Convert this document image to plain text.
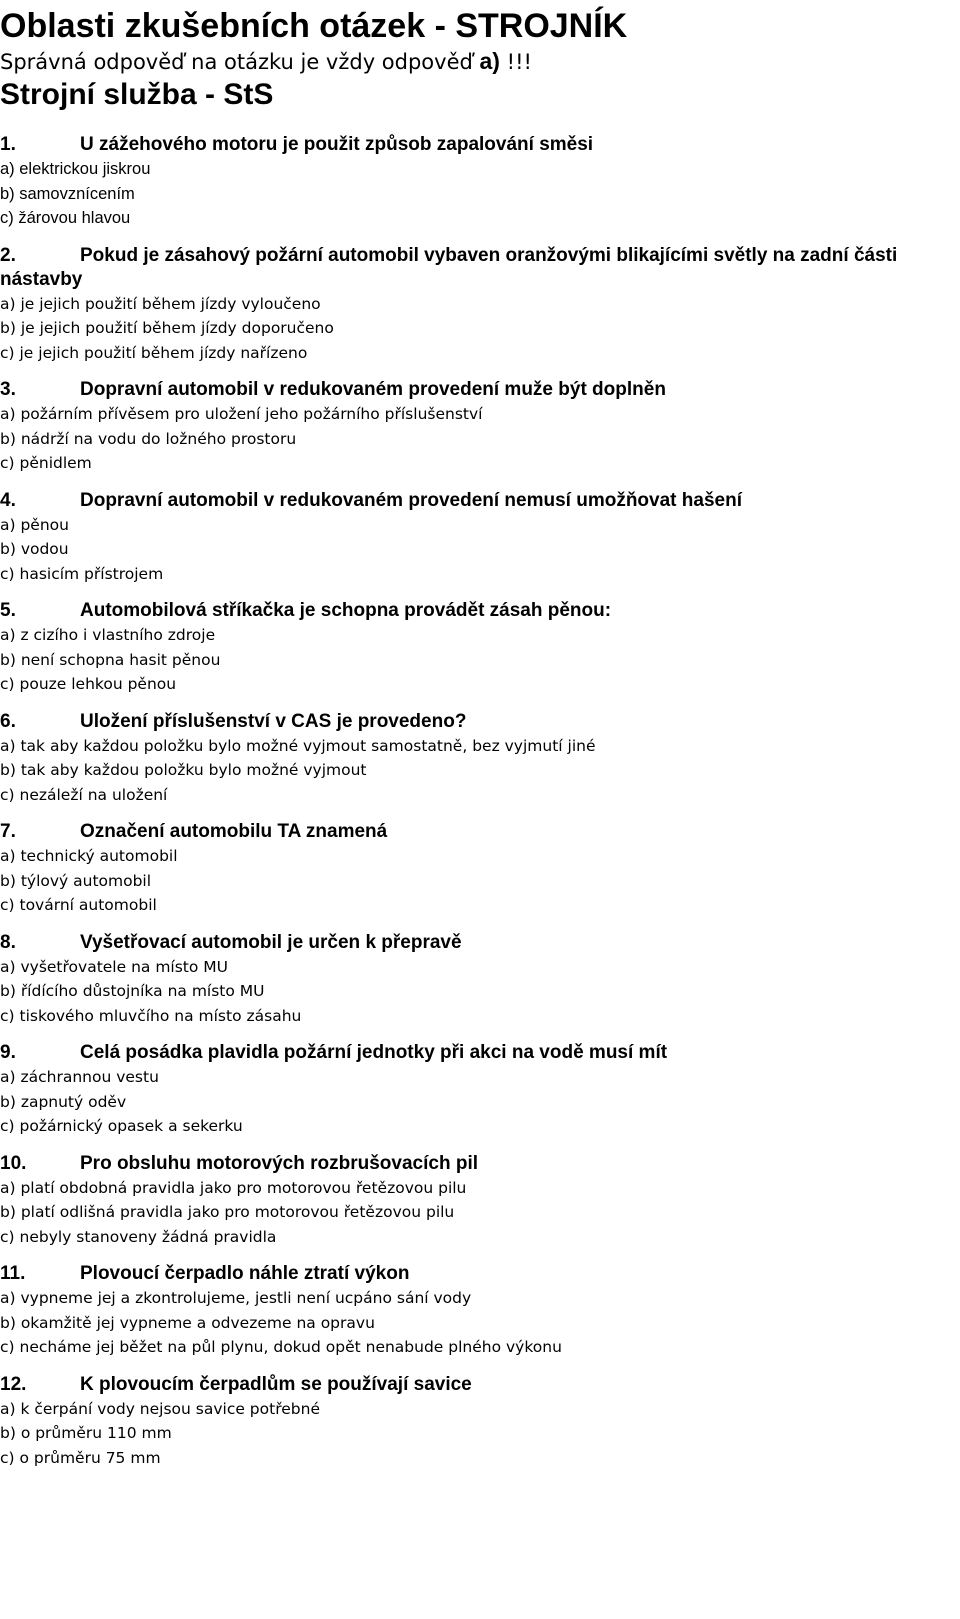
Oblasti zkušebních otázek - STROJNÍK
Správná odpověď na otázku je vždy odpověď a) !!!
Strojní služba - StS
1.	U zážehového motoru je použit způsob zapalování směsi
a) elektrickou jiskrou
b) samovznícením
c) žárovou hlavou
2.	Pokud je zásahový požární automobil vybaven oranžovými blikajícími světly na zadní části nástavby
a) je jejich použití během jízdy vyloučeno
b) je jejich použití během jízdy doporučeno
c) je jejich použití během jízdy nařízeno
3.	Dopravní automobil v redukovaném provedení muže být doplněn
a) požárním přívěsem pro uložení jeho požárního příslušenství
b) nádrží na vodu do ložného prostoru
c) pěnidlem
4.	Dopravní automobil v redukovaném provedení nemusí umožňovat hašení
a) pěnou
b) vodou
c) hasicím přístrojem
5.	Automobilová stříkačka je schopna provádět zásah pěnou:
a) z cizího i vlastního zdroje
b) není schopna hasit pěnou
c) pouze lehkou pěnou
6.	Uložení příslušenství v CAS je provedeno?
a) tak aby každou položku bylo možné vyjmout samostatně, bez vyjmutí jiné
b) tak aby každou položku bylo možné vyjmout
c) nezáleží na uložení
7.	Označení automobilu TA znamená
a) technický automobil
b) týlový automobil
c) tovární automobil
8.	Vyšetřovací automobil je určen k přepravě
a) vyšetřovatele na místo MU
b) řídícího důstojníka na místo MU
c) tiskového mluvčího na místo zásahu
9.	Celá posádka plavidla požární jednotky při akci na vodě musí mít
a) záchrannou vestu
b) zapnutý oděv
c) požárnický opasek a sekerku
10.	Pro obsluhu motorových rozbrušovacích pil
a) platí obdobná pravidla jako pro motorovou řetězovou pilu
b) platí odlišná pravidla jako pro motorovou řetězovou pilu
c) nebyly stanoveny žádná pravidla
11.	Plovoucí čerpadlo náhle ztratí výkon
a) vypneme jej a zkontrolujeme, jestli není ucpáno sání vody
b) okamžitě jej vypneme a odvezeme na opravu
c) necháme jej běžet na půl plynu, dokud opět nenabude plného výkonu
12.	K plovoucím čerpadlům se používají savice
a) k čerpání vody nejsou savice potřebné
b) o průměru 110 mm
c) o průměru 75 mm
